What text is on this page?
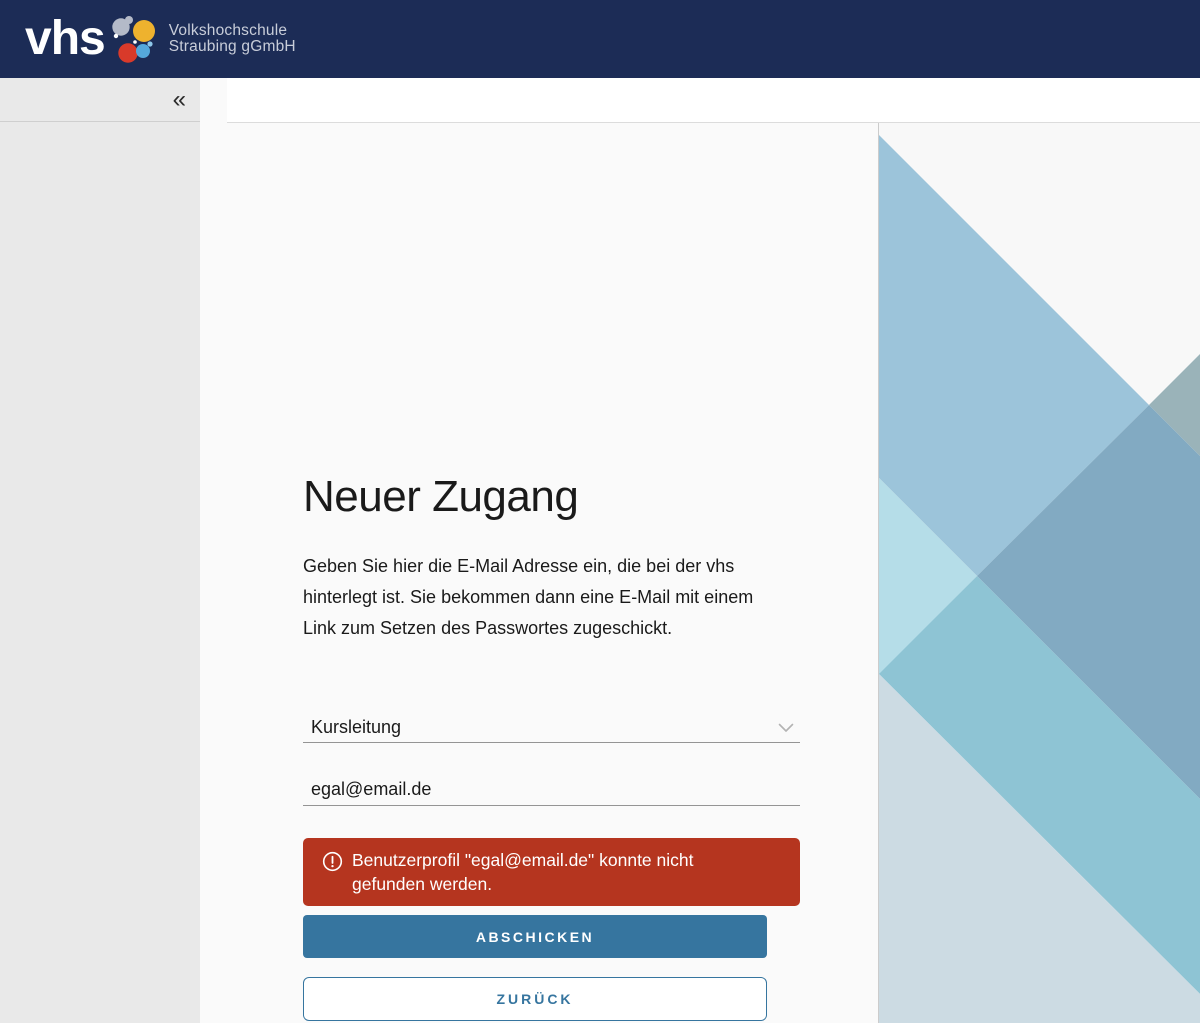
vhs	Volkshochschule
Straubing gGmbH
«
Neuer Zugang
Geben Sie hier die E-Mail Adresse ein, die bei der vhs
hinterlegt ist. Sie bekommen dann eine E-Mail mit einem
Link zum Setzen des Passwortes zugeschickt.
Kursleitung
egal@email.de
Benutzerprofil "egal@email.de" konnte nicht
gefunden werden.
ABSCHICKEN
ZURÜCK
